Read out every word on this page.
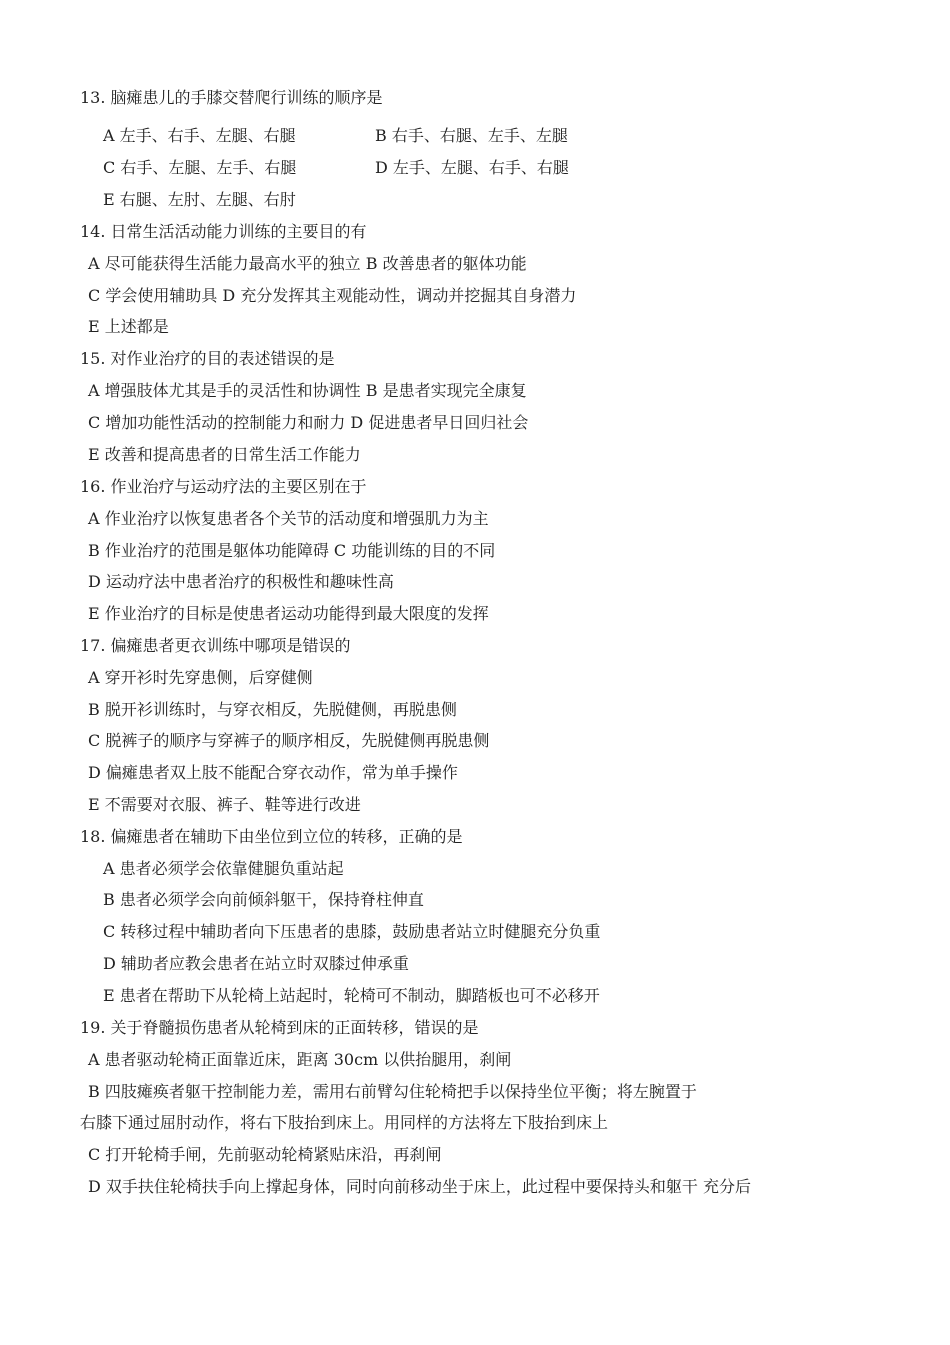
13. 脑瘫患儿的手膝交替爬行训练的顺序是
A 左手、右手、左腿、右腿	B 右手、右腿、左手、左腿
C 右手、左腿、左手、右腿	D 左手、左腿、右手、右腿
E 右腿、左肘、左腿、右肘
14. 日常生活活动能力训练的主要目的有
A 尽可能获得生活能力最高水平的独立 B 改善患者的躯体功能
C 学会使用辅助具 D 充分发挥其主观能动性，调动并挖掘其自身潜力
E 上述都是
15. 对作业治疗的目的表述错误的是
A 增强肢体尤其是手的灵活性和协调性 B 是患者实现完全康复
C 增加功能性活动的控制能力和耐力 D 促进患者早日回归社会
E 改善和提高患者的日常生活工作能力
16. 作业治疗与运动疗法的主要区别在于
A 作业治疗以恢复患者各个关节的活动度和增强肌力为主
B 作业治疗的范围是躯体功能障碍 C 功能训练的目的不同
D 运动疗法中患者治疗的积极性和趣味性高
E 作业治疗的目标是使患者运动功能得到最大限度的发挥
17. 偏瘫患者更衣训练中哪项是错误的
A 穿开衫时先穿患侧，后穿健侧
B 脱开衫训练时，与穿衣相反，先脱健侧，再脱患侧
C 脱裤子的顺序与穿裤子的顺序相反，先脱健侧再脱患侧
D 偏瘫患者双上肢不能配合穿衣动作，常为单手操作
E 不需要对衣服、裤子、鞋等进行改进
18. 偏瘫患者在辅助下由坐位到立位的转移，正确的是
A 患者必须学会依靠健腿负重站起
B 患者必须学会向前倾斜躯干，保持脊柱伸直
C 转移过程中辅助者向下压患者的患膝，鼓励患者站立时健腿充分负重
D 辅助者应教会患者在站立时双膝过伸承重
E 患者在帮助下从轮椅上站起时，轮椅可不制动，脚踏板也可不必移开
19. 关于脊髓损伤患者从轮椅到床的正面转移，错误的是
A 患者驱动轮椅正面靠近床，距离 30cm 以供抬腿用，刹闸
B 四肢瘫痪者躯干控制能力差，需用右前臂勾住轮椅把手以保持坐位平衡；将左腕置于
右膝下通过屈肘动作，将右下肢抬到床上。用同样的方法将左下肢抬到床上
C 打开轮椅手闸，先前驱动轮椅紧贴床沿，再刹闸
D 双手扶住轮椅扶手向上撑起身体，同时向前移动坐于床上，此过程中要保持头和躯干 充分后
